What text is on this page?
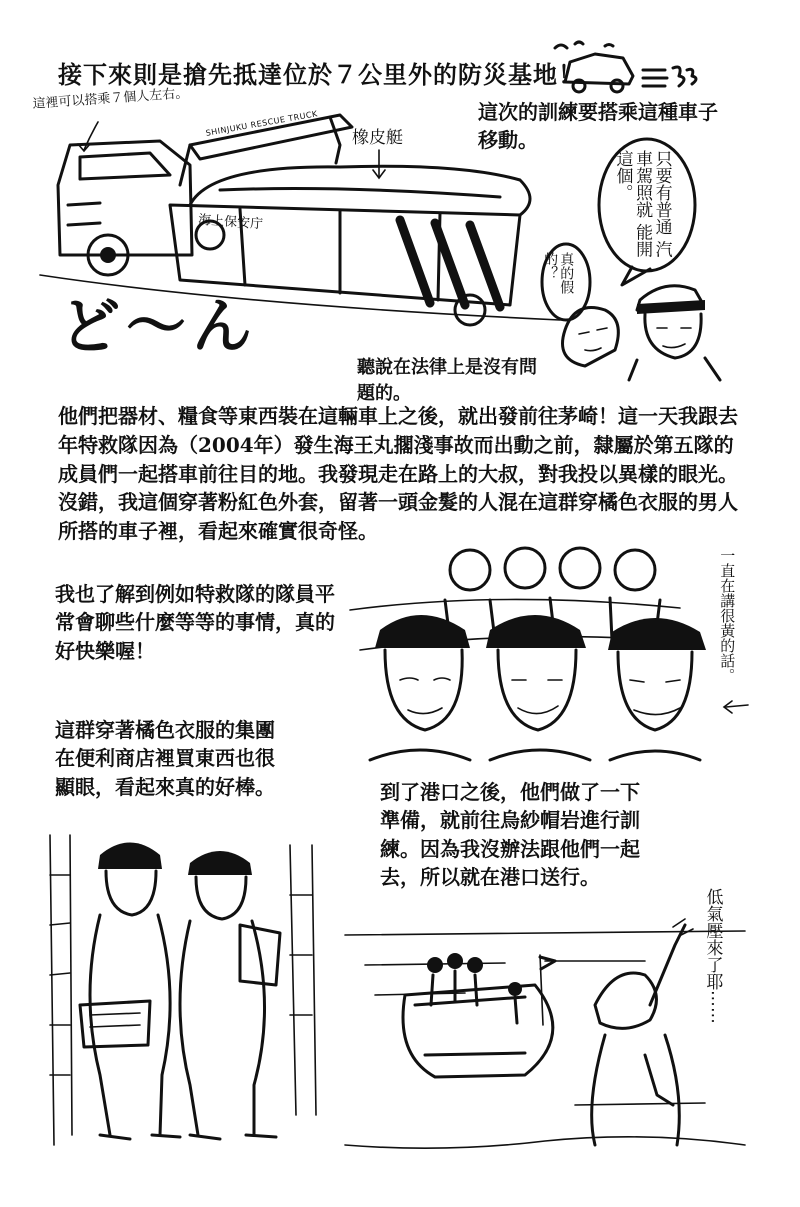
接下來則是搶先抵達位於７公里外的防災基地！
這裡可以搭乘７個人左右。
橡皮艇
這次的訓練要搭乘這種車子移動。
海上保安庁
SHINJUKU RESCUE TRUCK
只要有普通 汽車駕照就 能開這個。
真的假 的？
ど〜ん
聽說在法律上是沒有問題的。
他們把器材、糧食等東西裝在這輛車上之後，就出發前往茅崎！這一天我跟去年特救隊因為（2004年）發生海王丸擱淺事故而出動之前，隸屬於第五隊的成員們一起搭車前往目的地。我發現走在路上的大叔，對我投以異樣的眼光。沒錯，我這個穿著粉紅色外套，留著一頭金髮的人混在這群穿橘色衣服的男人所搭的車子裡，看起來確實很奇怪。
我也了解到例如特救隊的隊員平常會聊些什麼等等的事情，真的好快樂喔！	一直在講很黃的話。
這群穿著橘色衣服的集團在便利商店裡買東西也很顯眼，看起來真的好棒。	到了港口之後，他們做了一下準備，就前往烏紗帽岩進行訓練。因為我沒辦法跟他們一起去，所以就在港口送行。
低氣壓來了耶⋯⋯
